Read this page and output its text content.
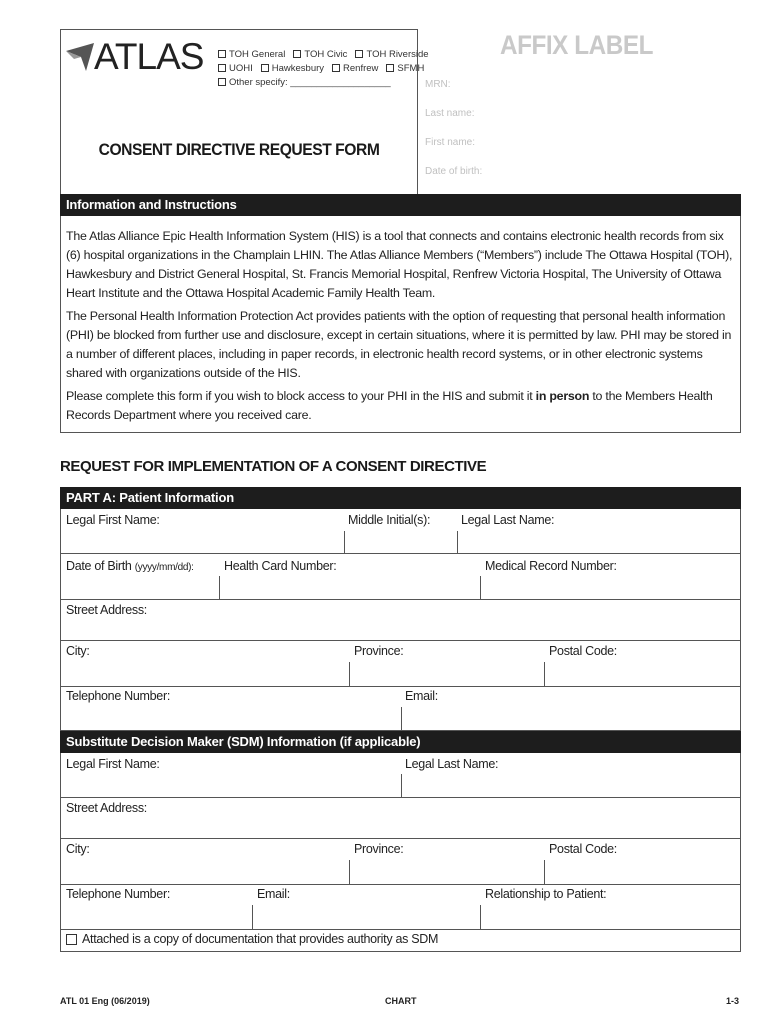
ATLAS	TOH General	TOH Civic	TOH Riverside
UOHI	Hawkesbury	Renfrew	SFMH
Other specify: ___________________
CONSENT DIRECTIVE REQUEST FORM
AFFIX LABEL
MRN:
Last name:
First name:
Date of birth:
Information and Instructions
The Atlas Alliance Epic Health Information System (HIS) is a tool that connects and contains electronic health records from six (6) hospital organizations in the Champlain LHIN. The Atlas Alliance Members (“Members”) include The Ottawa Hospital (TOH), Hawkesbury and District General Hospital, St. Francis Memorial Hospital, Renfrew Victoria Hospital, The University of Ottawa Heart Institute and the Ottawa Hospital Academic Family Health Team.
The Personal Health Information Protection Act provides patients with the option of requesting that personal health information (PHI) be blocked from further use and disclosure, except in certain situations, where it is permitted by law. PHI may be stored in a number of different places, including in paper records, in electronic health record systems, or in other electronic systems shared with organizations outside of the HIS.
Please complete this form if you wish to block access to your PHI in the HIS and submit it in person to the Members Health Records Department where you received care.
REQUEST FOR IMPLEMENTATION OF A CONSENT DIRECTIVE
PART A: Patient Information
Legal First Name:	Middle Initial(s): Legal Last Name:
Date of Birth (yyyy/mm/dd): Health Card Number:	Medical Record Number:
Street Address:
City:	Province:	Postal Code:
Telephone Number:	Email:
Substitute Decision Maker (SDM) Information (if applicable)
Legal First Name:	Legal Last Name:
Street Address:
City:	Province:	Postal Code:
Telephone Number:	Email:	Relationship to Patient:
Attached is a copy of documentation that provides authority as SDM
ATL 01 Eng (06/2019)	CHART	1-3
